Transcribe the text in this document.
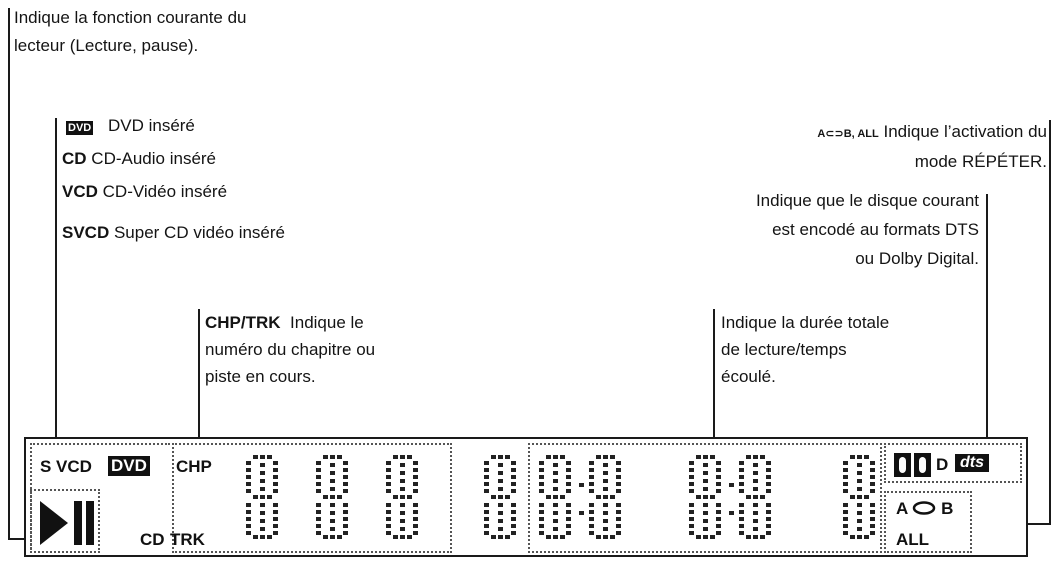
Indique la fonction courante du
lecteur (Lecture, pause).
DVD DVD inséré
CD CD-Audio inséré
VCD CD-Vidéo inséré
SVCD Super CD vidéo inséré
CHP/TRK Indique le
numéro du chapitre ou
piste en cours.
A⊂⊃B, ALL Indique l’activation du
mode RÉPÉTER.
Indique que le disque courant
est encodé au formats DTS
ou Dolby Digital.
Indique la durée totale
de lecture/temps
écoulé.
S VCD DVD
CD
CHP
TRK
D dts
A B
ALL
